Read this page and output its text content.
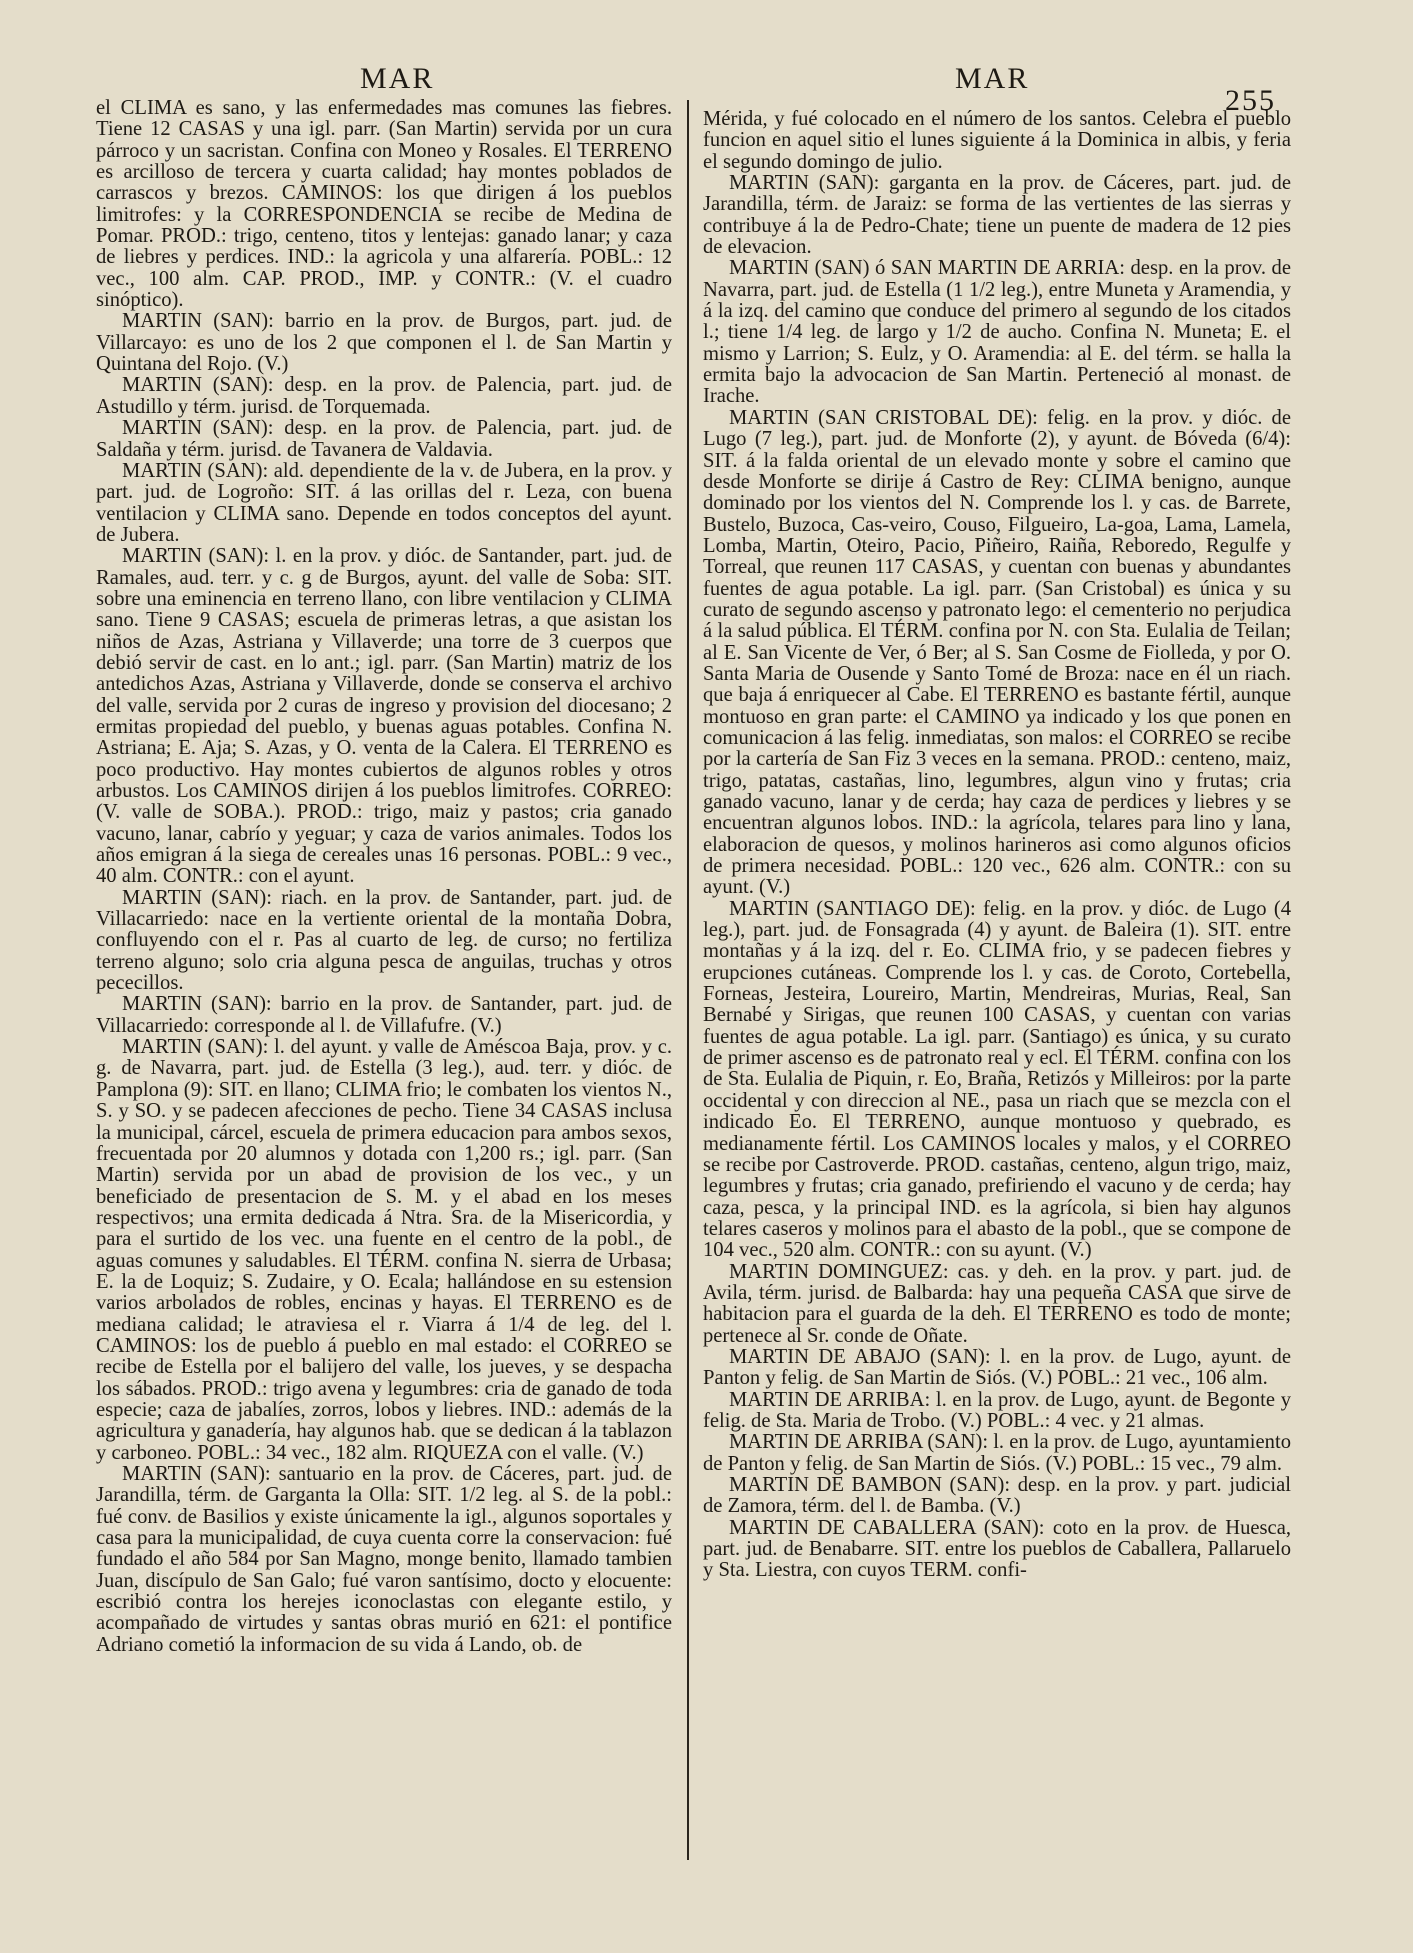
MAR	MAR
255

el CLIMA es sano, y las enfermedades mas comunes las fiebres. Tiene 12 CASAS y una igl. parr. (San Martin) servida por un cura párroco y un sacristan. Confina con Moneo y Rosales. El TERRENO es arcilloso de tercera y cuarta calidad; hay montes poblados de carrascos y brezos. CAMINOS: los que dirigen á los pueblos limitrofes: y la CORRESPONDENCIA se recibe de Medina de Pomar. PROD.: trigo, centeno, titos y lentejas: ganado lanar; y caza de liebres y perdices. IND.: la agricola y una alfarería. POBL.: 12 vec., 100 alm. CAP. PROD., IMP. y CONTR.: (V. el cuadro sinóptico).

MARTIN (SAN): barrio en la prov. de Burgos, part. jud. de Villarcayo: es uno de los 2 que componen el l. de San Martin y Quintana del Rojo. (V.)

MARTIN (SAN): desp. en la prov. de Palencia, part. jud. de Astudillo y térm. jurisd. de Torquemada.

MARTIN (SAN): desp. en la prov. de Palencia, part. jud. de Saldaña y térm. jurisd. de Tavanera de Valdavia.

MARTIN (SAN): ald. dependiente de la v. de Jubera, en la prov. y part. jud. de Logroño: SIT. á las orillas del r. Leza, con buena ventilacion y CLIMA sano. Depende en todos conceptos del ayunt. de Jubera.

MARTIN (SAN): l. en la prov. y dióc. de Santander, part. jud. de Ramales, aud. terr. y c. g de Burgos, ayunt. del valle de Soba: SIT. sobre una eminencia en terreno llano, con libre ventilacion y CLIMA sano. Tiene 9 CASAS; escuela de primeras letras, a que asistan los niños de Azas, Astriana y Villaverde; una torre de 3 cuerpos que debió servir de cast. en lo ant.; igl. parr. (San Martin) matriz de los antedichos Azas, Astriana y Villaverde, donde se conserva el archivo del valle, servida por 2 curas de ingreso y provision del diocesano; 2 ermitas propiedad del pueblo, y buenas aguas potables. Confina N. Astriana; E. Aja; S. Azas, y O. venta de la Calera. El TERRENO es poco productivo. Hay montes cubiertos de algunos robles y otros arbustos. Los CAMINOS dirijen á los pueblos limitrofes. CORREO: (V. valle de SOBA.). PROD.: trigo, maiz y pastos; cria ganado vacuno, lanar, cabrío y yeguar; y caza de varios animales. Todos los años emigran á la siega de cereales unas 16 personas. POBL.: 9 vec., 40 alm. CONTR.: con el ayunt.

MARTIN (SAN): riach. en la prov. de Santander, part. jud. de Villacarriedo: nace en la vertiente oriental de la montaña Dobra, confluyendo con el r. Pas al cuarto de leg. de curso; no fertiliza terreno alguno; solo cria alguna pesca de anguilas, truchas y otros pececillos.

MARTIN (SAN): barrio en la prov. de Santander, part. jud. de Villacarriedo: corresponde al l. de Villafufre. (V.)

MARTIN (SAN): l. del ayunt. y valle de Améscoa Baja, prov. y c. g. de Navarra, part. jud. de Estella (3 leg.), aud. terr. y dióc. de Pamplona (9): SIT. en llano; CLIMA frio; le combaten los vientos N., S. y SO. y se padecen afecciones de pecho. Tiene 34 CASAS inclusa la municipal, cárcel, escuela de primera educacion para ambos sexos, frecuentada por 20 alumnos y dotada con 1,200 rs.; igl. parr. (San Martin) servida por un abad de provision de los vec., y un beneficiado de presentacion de S. M. y el abad en los meses respectivos; una ermita dedicada á Ntra. Sra. de la Misericordia, y para el surtido de los vec. una fuente en el centro de la pobl., de aguas comunes y saludables. El TÉRM. confina N. sierra de Urbasa; E. la de Loquiz; S. Zudaire, y O. Ecala; hallándose en su estension varios arbolados de robles, encinas y hayas. El TERRENO es de mediana calidad; le atraviesa el r. Viarra á 1/4 de leg. del l. CAMINOS: los de pueblo á pueblo en mal estado: el CORREO se recibe de Estella por el balijero del valle, los jueves, y se despacha los sábados. PROD.: trigo avena y legumbres: cria de ganado de toda especie; caza de jabalíes, zorros, lobos y liebres. IND.: además de la agricultura y ganadería, hay algunos hab. que se dedican á la tablazon y carboneo. POBL.: 34 vec., 182 alm. RIQUEZA con el valle. (V.)

MARTIN (SAN): santuario en la prov. de Cáceres, part. jud. de Jarandilla, térm. de Garganta la Olla: SIT. 1/2 leg. al S. de la pobl.: fué conv. de Basilios y existe únicamente la igl., algunos soportales y casa para la municipalidad, de cuya cuenta corre la conservacion: fué fundado el año 584 por San Magno, monge benito, llamado tambien Juan, discípulo de San Galo; fué varon santísimo, docto y elocuente: escribió contra los herejes iconoclastas con elegante estilo, y acompañado de virtudes y santas obras murió en 621: el pontifice Adriano cometió la informacion de su vida á Lando, ob. de

Mérida, y fué colocado en el número de los santos. Celebra el pueblo funcion en aquel sitio el lunes siguiente á la Dominica in albis, y feria el segundo domingo de julio.

MARTIN (SAN): garganta en la prov. de Cáceres, part. jud. de Jarandilla, térm. de Jaraiz: se forma de las vertientes de las sierras y contribuye á la de Pedro-Chate; tiene un puente de madera de 12 pies de elevacion.

MARTIN (SAN) ó SAN MARTIN DE ARRIA: desp. en la prov. de Navarra, part. jud. de Estella (1 1/2 leg.), entre Muneta y Aramendia, y á la izq. del camino que conduce del primero al segundo de los citados l.; tiene 1/4 leg. de largo y 1/2 de aucho. Confina N. Muneta; E. el mismo y Larrion; S. Eulz, y O. Aramendia: al E. del térm. se halla la ermita bajo la advocacion de San Martin. Perteneció al monast. de Irache.

MARTIN (SAN CRISTOBAL DE): felig. en la prov. y dióc. de Lugo (7 leg.), part. jud. de Monforte (2), y ayunt. de Bóveda (6/4): SIT. á la falda oriental de un elevado monte y sobre el camino que desde Monforte se dirije á Castro de Rey: CLIMA benigno, aunque dominado por los vientos del N. Comprende los l. y cas. de Barrete, Bustelo, Buzoca, Cas-veiro, Couso, Filgueiro, La-goa, Lama, Lamela, Lomba, Martin, Oteiro, Pacio, Piñeiro, Raiña, Reboredo, Regulfe y Torreal, que reunen 117 CASAS, y cuentan con buenas y abundantes fuentes de agua potable. La igl. parr. (San Cristobal) es única y su curato de segundo ascenso y patronato lego: el cementerio no perjudica á la salud pública. El TÉRM. confina por N. con Sta. Eulalia de Teilan; al E. San Vicente de Ver, ó Ber; al S. San Cosme de Fiolleda, y por O. Santa Maria de Ousende y Santo Tomé de Broza: nace en él un riach. que baja á enriquecer al Cabe. El TERRENO es bastante fértil, aunque montuoso en gran parte: el CAMINO ya indicado y los que ponen en comunicacion á las felig. inmediatas, son malos: el CORREO se recibe por la cartería de San Fiz 3 veces en la semana. PROD.: centeno, maiz, trigo, patatas, castañas, lino, legumbres, algun vino y frutas; cria ganado vacuno, lanar y de cerda; hay caza de perdices y liebres y se encuentran algunos lobos. IND.: la agrícola, telares para lino y lana, elaboracion de quesos, y molinos harineros asi como algunos oficios de primera necesidad. POBL.: 120 vec., 626 alm. CONTR.: con su ayunt. (V.)

MARTIN (SANTIAGO DE): felig. en la prov. y dióc. de Lugo (4 leg.), part. jud. de Fonsagrada (4) y ayunt. de Baleira (1). SIT. entre montañas y á la izq. del r. Eo. CLIMA frio, y se padecen fiebres y erupciones cutáneas. Comprende los l. y cas. de Coroto, Cortebella, Forneas, Jesteira, Loureiro, Martin, Mendreiras, Murias, Real, San Bernabé y Sirigas, que reunen 100 CASAS, y cuentan con varias fuentes de agua potable. La igl. parr. (Santiago) es única, y su curato de primer ascenso es de patronato real y ecl. El TÉRM. confina con los de Sta. Eulalia de Piquin, r. Eo, Braña, Retizós y Milleiros: por la parte occidental y con direccion al NE., pasa un riach que se mezcla con el indicado Eo. El TERRENO, aunque montuoso y quebrado, es medianamente fértil. Los CAMINOS locales y malos, y el CORREO se recibe por Castroverde. PROD. castañas, centeno, algun trigo, maiz, legumbres y frutas; cria ganado, prefiriendo el vacuno y de cerda; hay caza, pesca, y la principal IND. es la agrícola, si bien hay algunos telares caseros y molinos para el abasto de la pobl., que se compone de 104 vec., 520 alm. CONTR.: con su ayunt. (V.)

MARTIN DOMINGUEZ: cas. y deh. en la prov. y part. jud. de Avila, térm. jurisd. de Balbarda: hay una pequeña CASA que sirve de habitacion para el guarda de la deh. El TERRENO es todo de monte; pertenece al Sr. conde de Oñate.

MARTIN DE ABAJO (SAN): l. en la prov. de Lugo, ayunt. de Panton y felig. de San Martin de Siós. (V.) POBL.: 21 vec., 106 alm.

MARTIN DE ARRIBA: l. en la prov. de Lugo, ayunt. de Begonte y felig. de Sta. Maria de Trobo. (V.) POBL.: 4 vec. y 21 almas.

MARTIN DE ARRIBA (SAN): l. en la prov. de Lugo, ayuntamiento de Panton y felig. de San Martin de Siós. (V.) POBL.: 15 vec., 79 alm.

MARTIN DE BAMBON (SAN): desp. en la prov. y part. judicial de Zamora, térm. del l. de Bamba. (V.)

MARTIN DE CABALLERA (SAN): coto en la prov. de Huesca, part. jud. de Benabarre. SIT. entre los pueblos de Caballera, Pallaruelo y Sta. Liestra, con cuyos TERM. confi-
